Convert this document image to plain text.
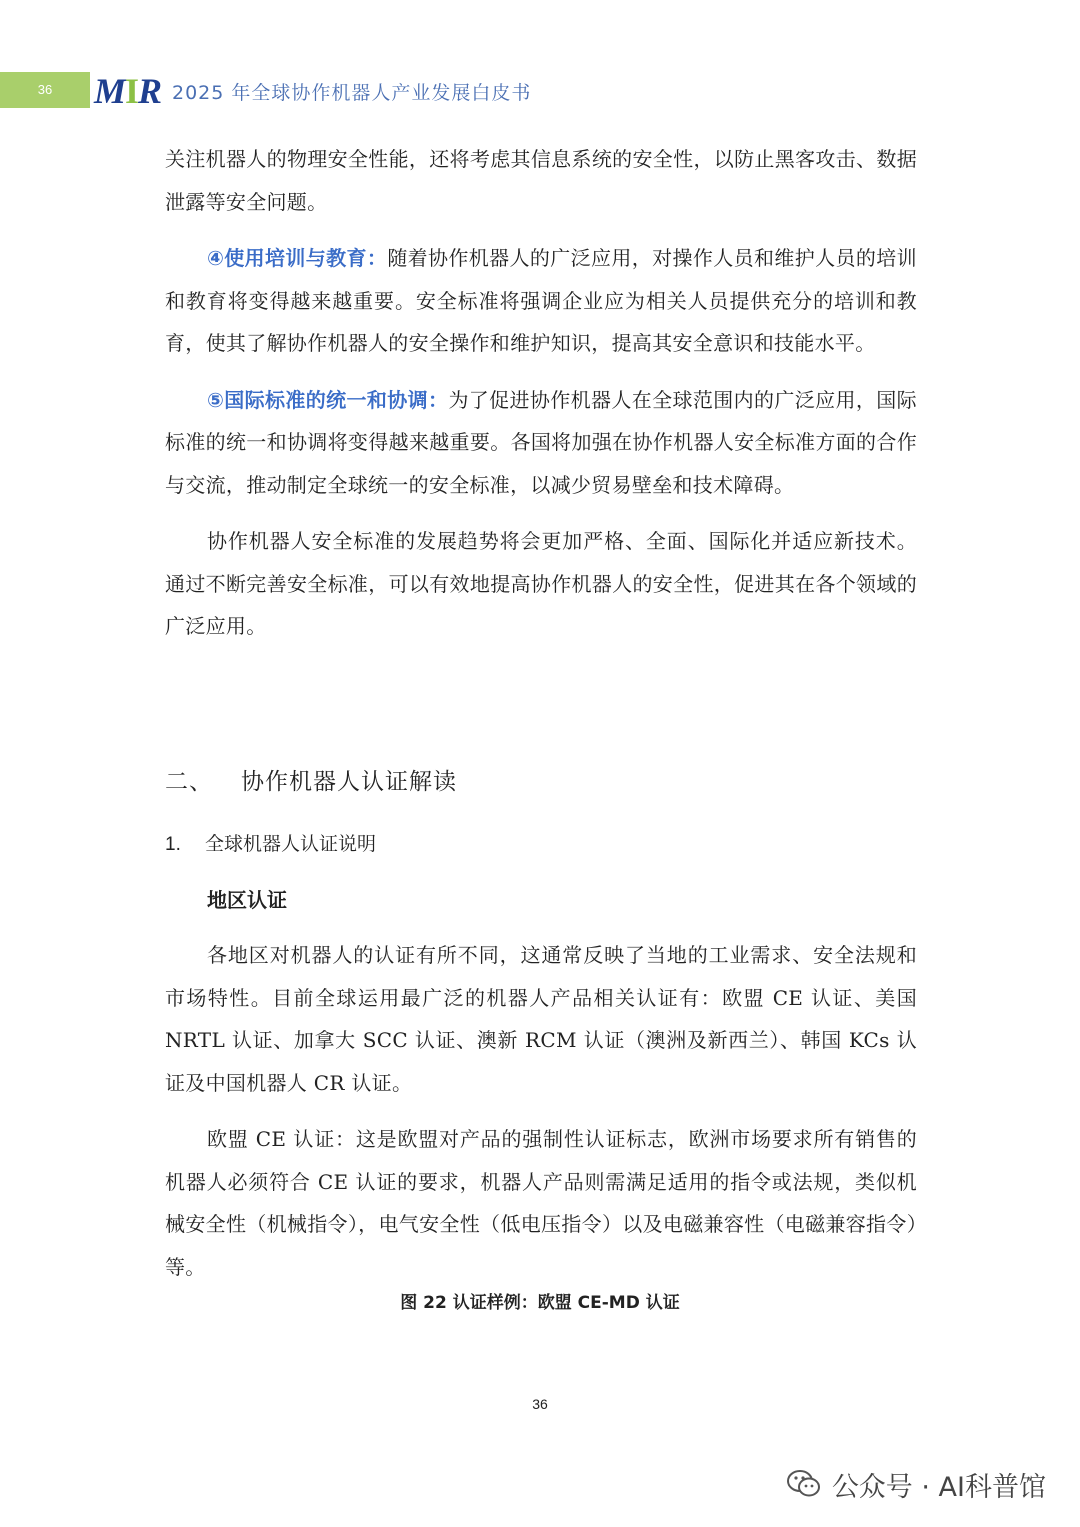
36	MIR 2025 年全球协作机器人产业发展白皮书

关注机器人的物理安全性能，还将考虑其信息系统的安全性，以防止黑客攻击、数据泄露等安全问题。

④使用培训与教育：随着协作机器人的广泛应用，对操作人员和维护人员的培训和教育将变得越来越重要。安全标准将强调企业应为相关人员提供充分的培训和教育，使其了解协作机器人的安全操作和维护知识，提高其安全意识和技能水平。

⑤国际标准的统一和协调：为了促进协作机器人在全球范围内的广泛应用，国际标准的统一和协调将变得越来越重要。各国将加强在协作机器人安全标准方面的合作与交流，推动制定全球统一的安全标准，以减少贸易壁垒和技术障碍。

协作机器人安全标准的发展趋势将会更加严格、全面、国际化并适应新技术。通过不断完善安全标准，可以有效地提高协作机器人的安全性，促进其在各个领域的广泛应用。

二、 协作机器人认证解读
1. 全球机器人认证说明
地区认证

各地区对机器人的认证有所不同，这通常反映了当地的工业需求、安全法规和市场特性。目前全球运用最广泛的机器人产品相关认证有：欧盟 CE 认证、美国 NRTL 认证、加拿大 SCC 认证、澳新 RCM 认证（澳洲及新西兰）、韩国 KCs 认证及中国机器人 CR 认证。

欧盟 CE 认证：这是欧盟对产品的强制性认证标志，欧洲市场要求所有销售的机器人必须符合 CE 认证的要求，机器人产品则需满足适用的指令或法规，类似机械安全性（机械指令），电气安全性（低电压指令）以及电磁兼容性（电磁兼容指令）等。

图 22 认证样例：欧盟 CE-MD 认证
36
公众号 · AI科普馆
